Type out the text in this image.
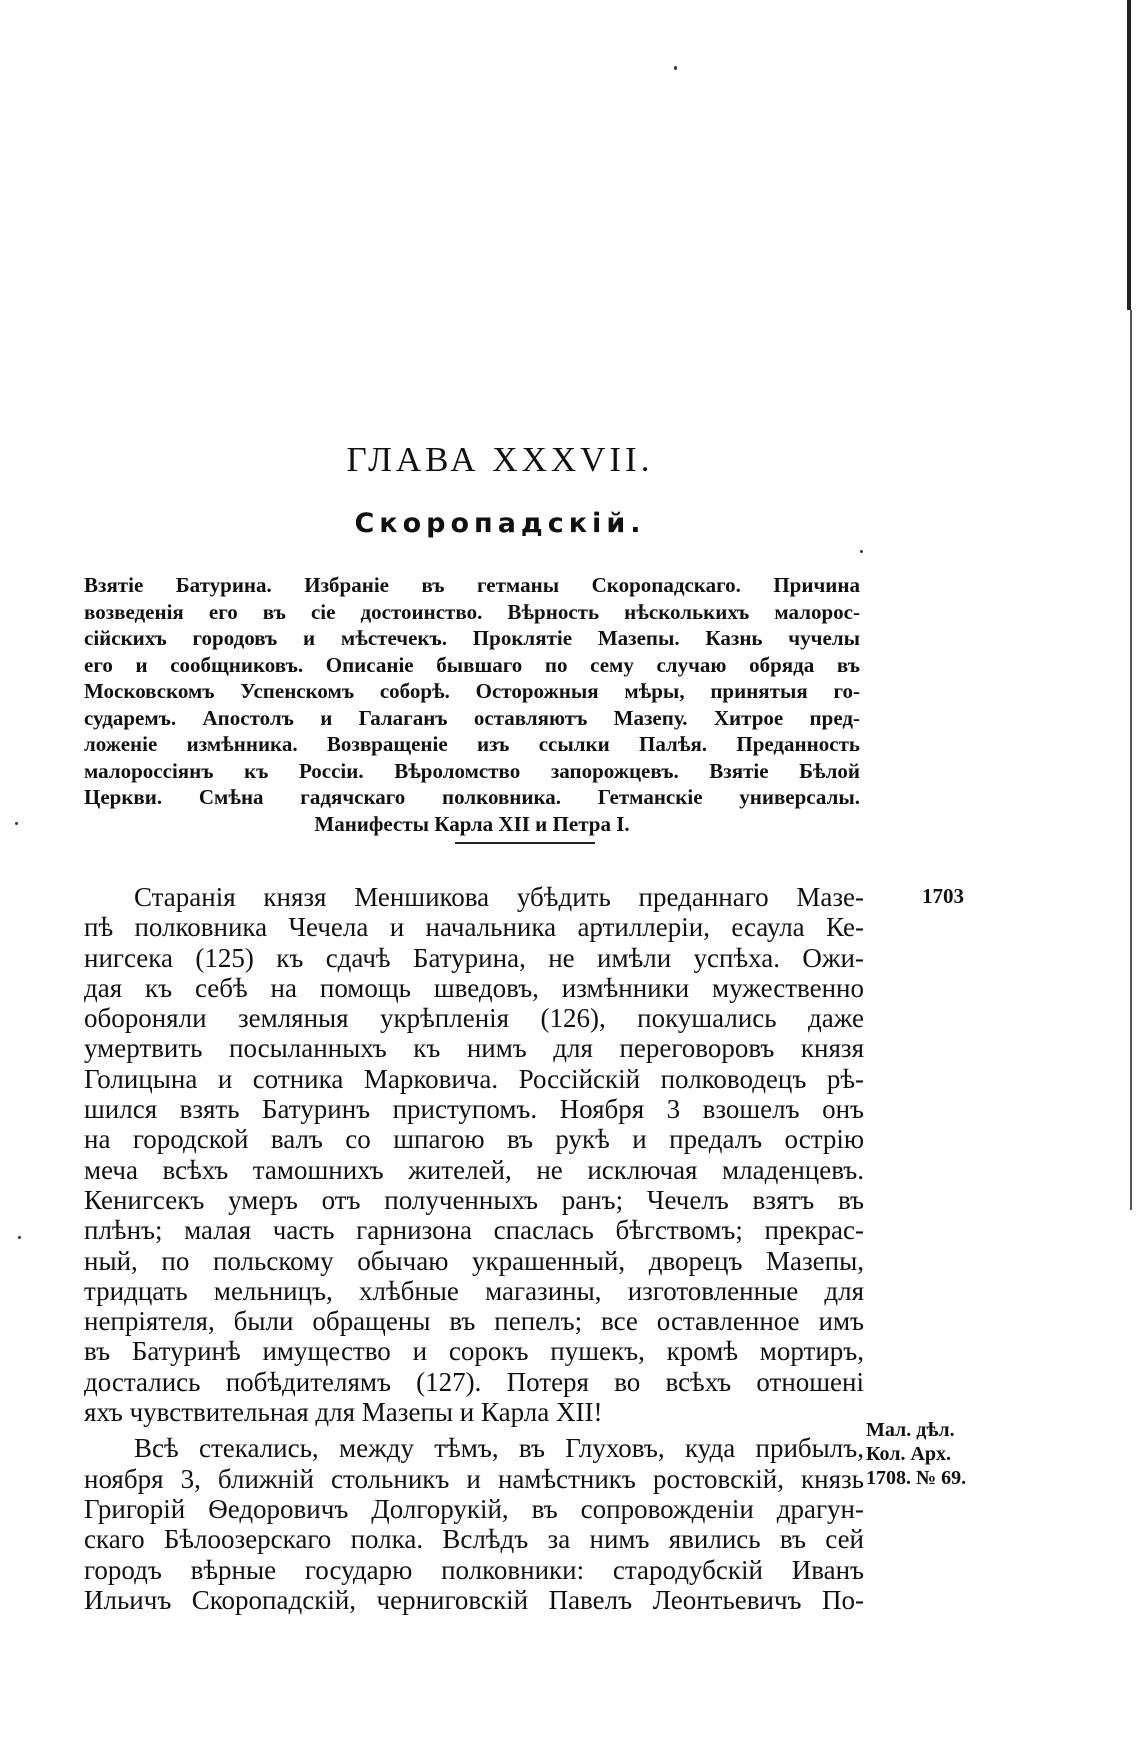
ГЛАВА XXXVII.
Скоропадскій.
Взятіе Батурина. Избраніе въ гетманы Скоропадскаго. Причина
возведенія его въ сіе достоинство. Вѣрность нѣсколькихъ малорос-
сійскихъ городовъ и мѣстечекъ. Проклятіе Мазепы. Казнь чучелы
его и сообщниковъ. Описаніе бывшаго по сему случаю обряда въ
Московскомъ Успенскомъ соборѣ. Осторожныя мѣры, принятыя го-
сударемъ. Апостолъ и Галаганъ оставляютъ Мазепу. Хитрое пред-
ложеніе измѣнника. Возвращеніе изъ ссылки Палѣя. Преданность
малороссіянъ къ Россіи. Вѣроломство запорожцевъ. Взятіе Бѣлой
Церкви. Смѣна гадячскаго полковника. Гетманскіе универсалы.
Манифесты Карла XII и Петра I.
1703
Старанія князя Меншикова убѣдить преданнаго Мазе-
пѣ полковника Чечела и начальника артиллеріи, есаула Ке-
нигсека (125) къ сдачѣ Батурина, не имѣли успѣха. Ожи-
дая къ себѣ на помощь шведовъ, измѣнники мужественно
обороняли земляныя укрѣпленія (126), покушались даже
умертвить посыланныхъ къ нимъ для переговоровъ князя
Голицына и сотника Марковича. Россійскій полководецъ рѣ-
шился взять Батуринъ приступомъ. Ноября 3 взошелъ онъ
на городской валъ со шпагою въ рукѣ и предалъ острію
меча всѣхъ тамошнихъ жителей, не исключая младенцевъ.
Кенигсекъ умеръ отъ полученныхъ ранъ; Чечелъ взятъ въ
плѣнъ; малая часть гарнизона спаслась бѣгствомъ; прекрас-
ный, по польскому обычаю украшенный, дворецъ Мазепы,
тридцать мельницъ, хлѣбные магазины, изготовленные для
непріятеля, были обращены въ пепелъ; все оставленное имъ
въ Батуринѣ имущество и сорокъ пушекъ, кромѣ мортиръ,
достались побѣдителямъ (127). Потеря во всѣхъ отношені
яхъ чувствительная для Мазепы и Карла XII!
Всѣ стекались, между тѣмъ, въ Глуховъ, куда прибылъ,
ноября 3, ближній стольникъ и намѣстникъ ростовскій, князь
Григорій Ѳедоровичъ Долгорукій, въ сопровожденіи драгун-
скаго Бѣлоозерскаго полка. Вслѣдъ за нимъ явились въ сей
городъ вѣрные государю полковники: стародубскій Иванъ
Ильичъ Скоропадскій, черниговскій Павелъ Леонтьевичъ По-
Мал. дѣл.
Кол. Арх.
1708. № 69.
